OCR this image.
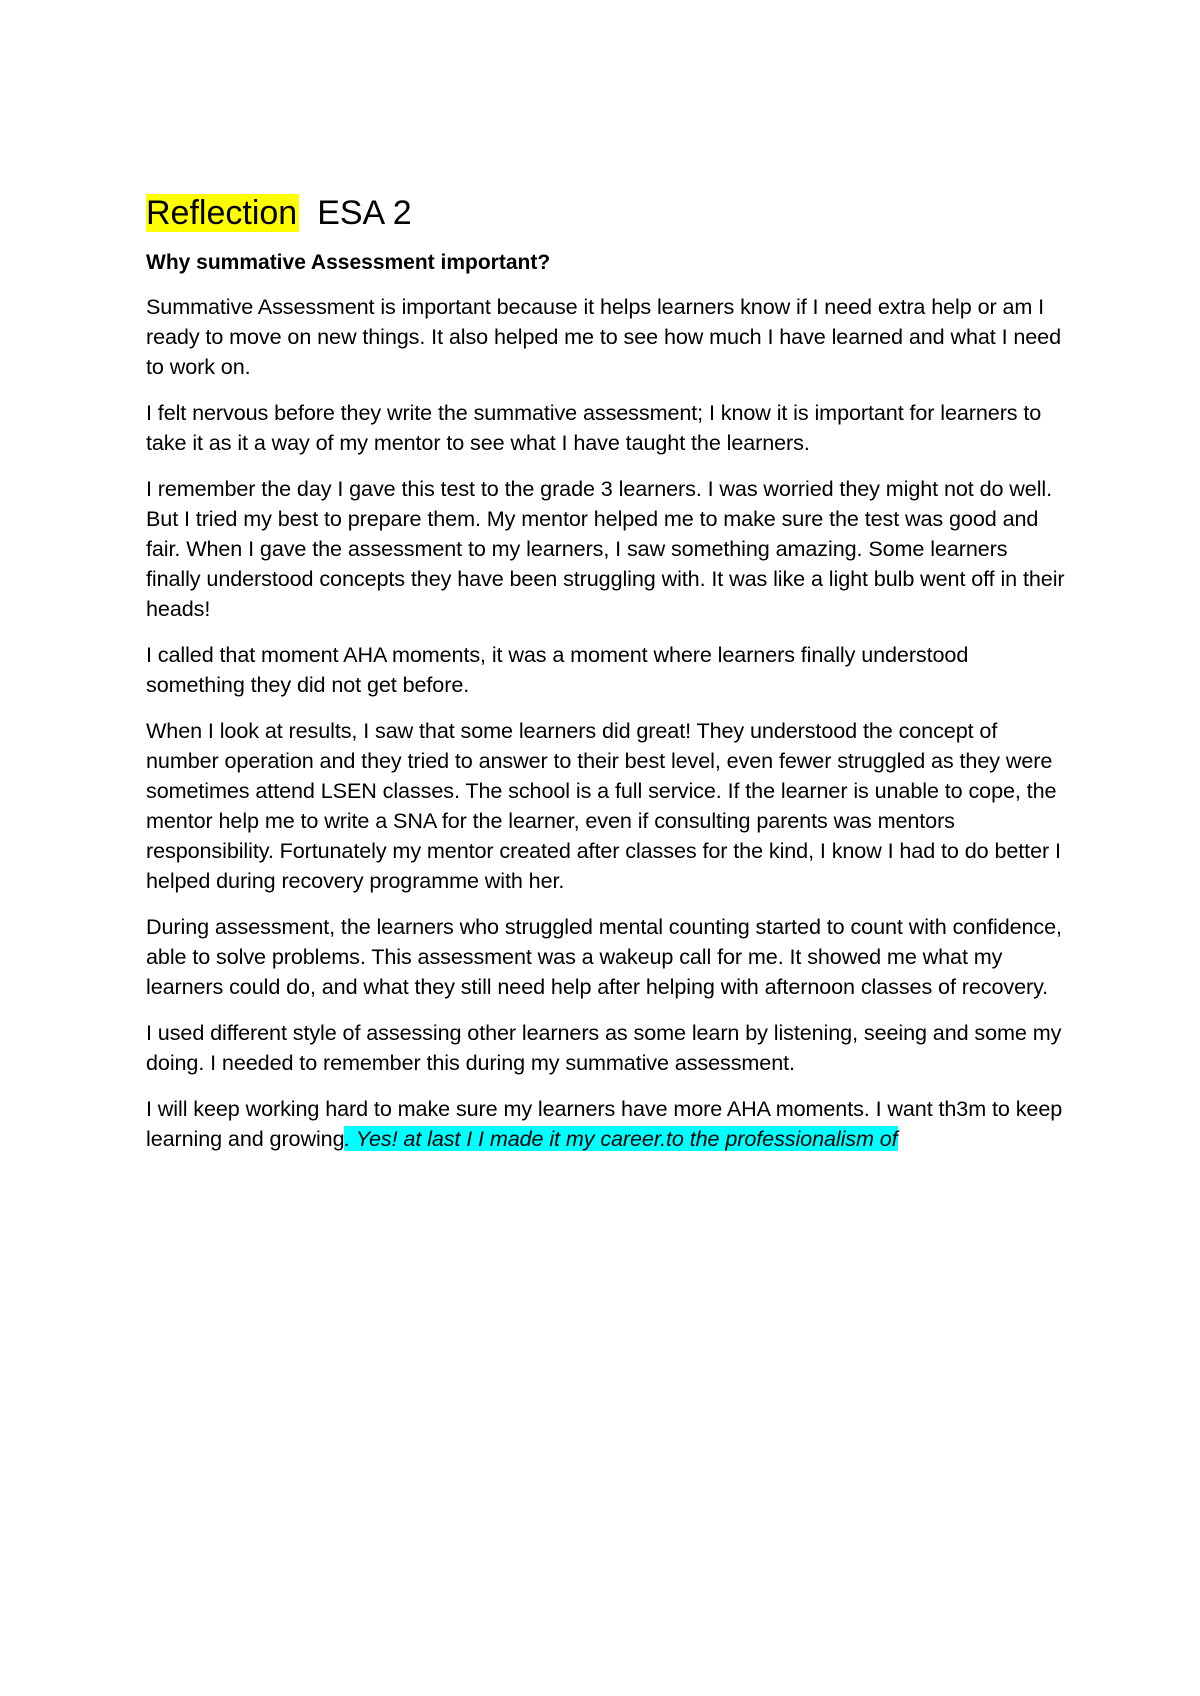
Reflection ESA 2

Why summative Assessment important?

Summative Assessment is important because it helps learners know if I need extra help or am I ready to move on new things. It also helped me to see how much I have learned and what I need to work on.

I felt nervous before they write the summative assessment; I know it is important for learners to take it as it a way of my mentor to see what I have taught the learners.

I remember the day I gave this test to the grade 3 learners. I was worried they might not do well. But I tried my best to prepare them. My mentor helped me to make sure the test was good and fair. When I gave the assessment to my learners, I saw something amazing. Some learners finally understood concepts they have been struggling with. It was like a light bulb went off in their heads!

I called that moment AHA moments, it was a moment where learners finally understood something they did not get before.

When I look at results, I saw that some learners did great! They understood the concept of number operation and they tried to answer to their best level, even fewer struggled as they were sometimes attend LSEN classes. The school is a full service. If the learner is unable to cope, the mentor help me to write a SNA for the learner, even if consulting parents was mentors responsibility. Fortunately my mentor created after classes for the kind, I know I had to do better I helped during recovery programme with her.

During assessment, the learners who struggled mental counting started to count with confidence, able to solve problems. This assessment was a wakeup call for me. It showed me what my learners could do, and what they still need help after helping with afternoon classes of recovery.

I used different style of assessing other learners as some learn by listening, seeing and some my doing. I needed to remember this during my summative assessment.

I will keep working hard to make sure my learners have more AHA moments. I want th3m to keep learning and growing. Yes! at last I I made it my career.to the professionalism of
